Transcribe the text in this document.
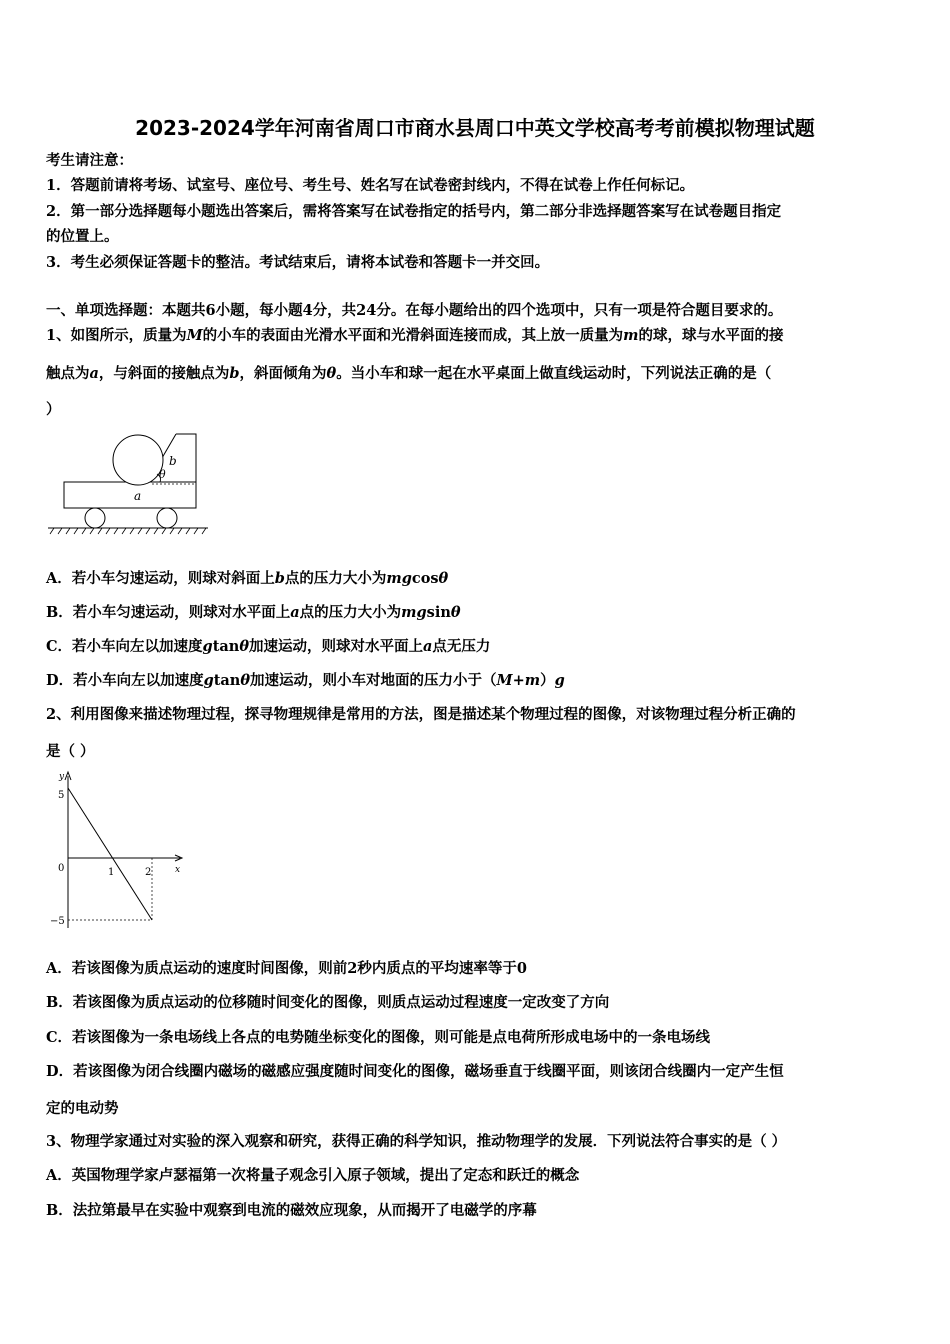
2023-2024学年河南省周口市商水县周口中英文学校高考考前模拟物理试题
考生请注意：
1．答题前请将考场、试室号、座位号、考生号、姓名写在试卷密封线内，不得在试卷上作任何标记。
2．第一部分选择题每小题选出答案后，需将答案写在试卷指定的括号内，第二部分非选择题答案写在试卷题目指定
的位置上。
3．考生必须保证答题卡的整洁。考试结束后，请将本试卷和答题卡一并交回。
一、单项选择题：本题共6小题，每小题4分，共24分。在每小题给出的四个选项中，只有一项是符合题目要求的。
1、如图所示，质量为M的小车的表面由光滑水平面和光滑斜面连接而成，其上放一质量为m的球，球与水平面的接
触点为a，与斜面的接触点为b，斜面倾角为θ。当小车和球一起在水平桌面上做直线运动时，下列说法正确的是（
）
b
θ
a
A．若小车匀速运动，则球对斜面上b点的压力大小为mgcosθ
B．若小车匀速运动，则球对水平面上a点的压力大小为mgsinθ
C．若小车向左以加速度gtanθ加速运动，则球对水平面上a点无压力
D．若小车向左以加速度gtanθ加速运动，则小车对地面的压力小于（M+m）g
2、利用图像来描述物理过程，探寻物理规律是常用的方法，图是描述某个物理过程的图像，对该物理过程分析正确的
是（ ）
y
x
5
0	1	2
−5
A．若该图像为质点运动的速度时间图像，则前2秒内质点的平均速率等于0
B．若该图像为质点运动的位移随时间变化的图像，则质点运动过程速度一定改变了方向
C．若该图像为一条电场线上各点的电势随坐标变化的图像，则可能是点电荷所形成电场中的一条电场线
D．若该图像为闭合线圈内磁场的磁感应强度随时间变化的图像，磁场垂直于线圈平面，则该闭合线圈内一定产生恒
定的电动势
3、物理学家通过对实验的深入观察和研究，获得正确的科学知识，推动物理学的发展．下列说法符合事实的是（ ）
A．英国物理学家卢瑟福第一次将量子观念引入原子领域，提出了定态和跃迁的概念
B．法拉第最早在实验中观察到电流的磁效应现象，从而揭开了电磁学的序幕
